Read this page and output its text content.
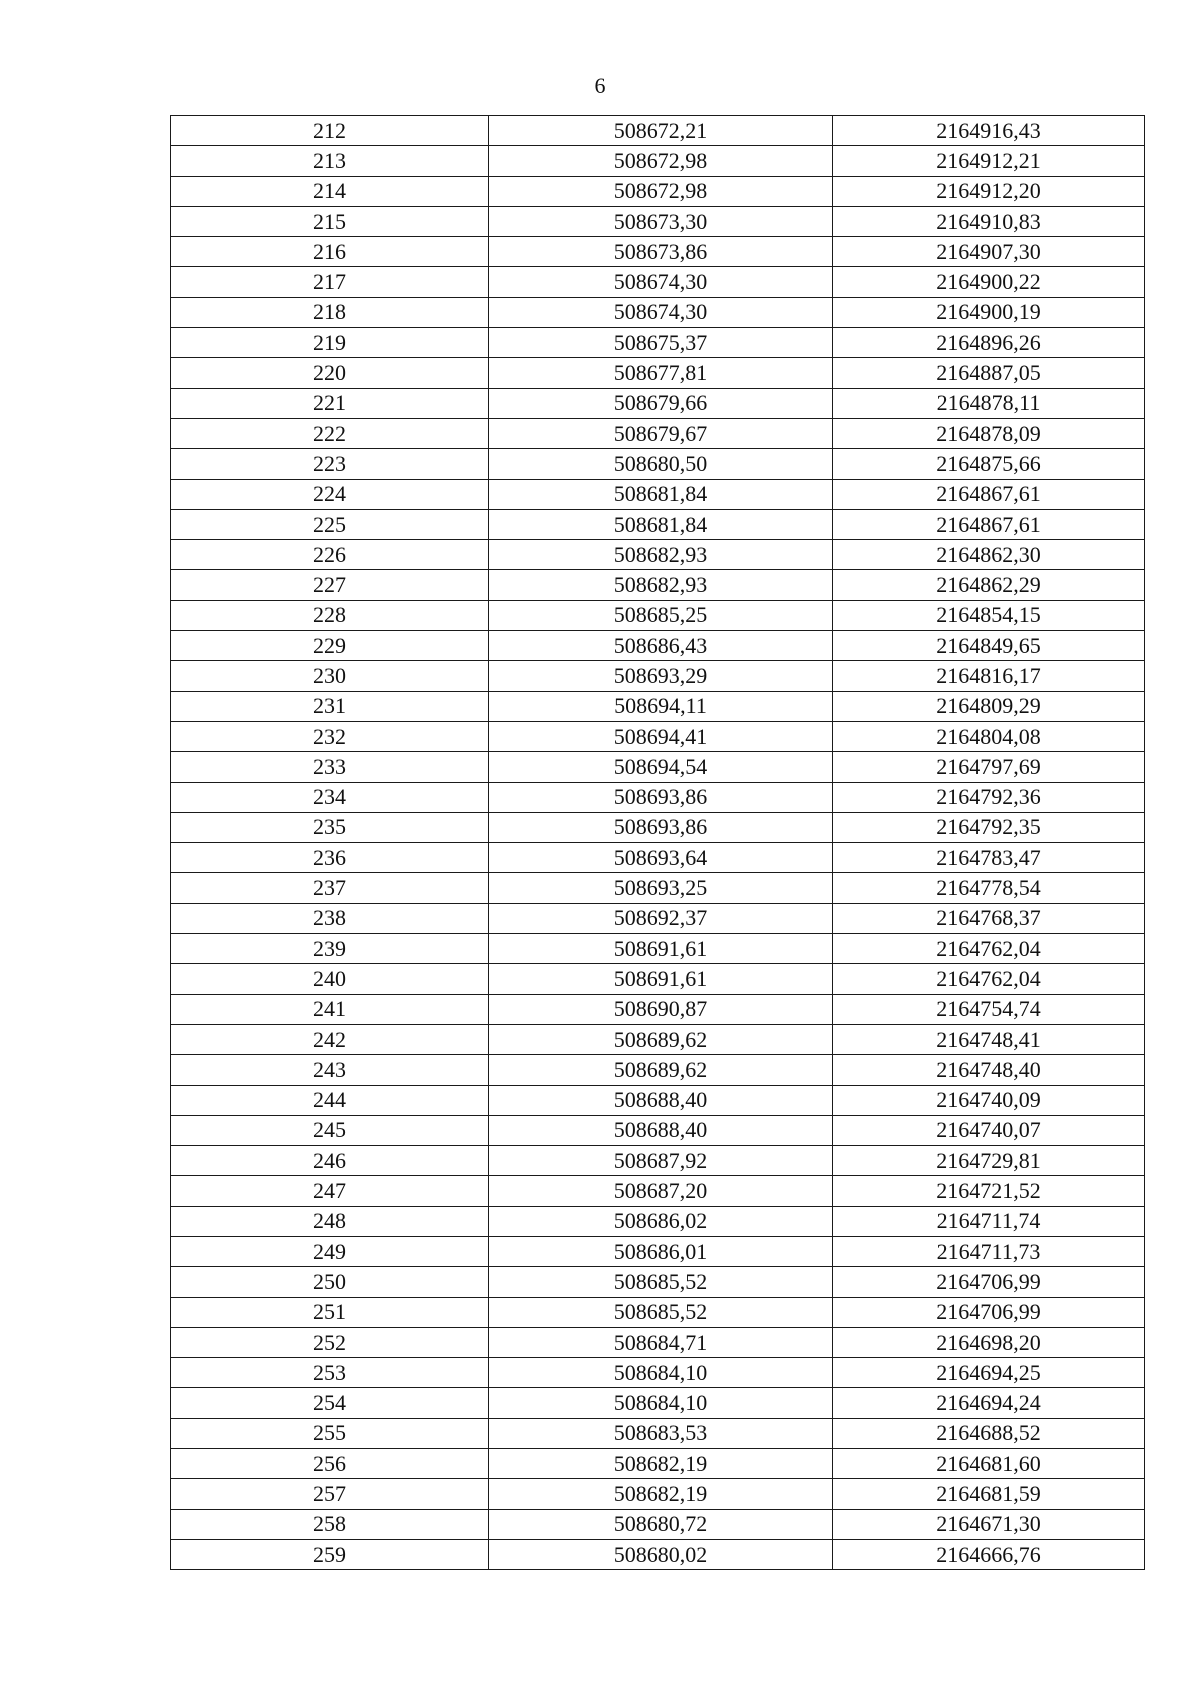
6
212	508672,21	2164916,43
213	508672,98	2164912,21
214	508672,98	2164912,20
215	508673,30	2164910,83
216	508673,86	2164907,30
217	508674,30	2164900,22
218	508674,30	2164900,19
219	508675,37	2164896,26
220	508677,81	2164887,05
221	508679,66	2164878,11
222	508679,67	2164878,09
223	508680,50	2164875,66
224	508681,84	2164867,61
225	508681,84	2164867,61
226	508682,93	2164862,30
227	508682,93	2164862,29
228	508685,25	2164854,15
229	508686,43	2164849,65
230	508693,29	2164816,17
231	508694,11	2164809,29
232	508694,41	2164804,08
233	508694,54	2164797,69
234	508693,86	2164792,36
235	508693,86	2164792,35
236	508693,64	2164783,47
237	508693,25	2164778,54
238	508692,37	2164768,37
239	508691,61	2164762,04
240	508691,61	2164762,04
241	508690,87	2164754,74
242	508689,62	2164748,41
243	508689,62	2164748,40
244	508688,40	2164740,09
245	508688,40	2164740,07
246	508687,92	2164729,81
247	508687,20	2164721,52
248	508686,02	2164711,74
249	508686,01	2164711,73
250	508685,52	2164706,99
251	508685,52	2164706,99
252	508684,71	2164698,20
253	508684,10	2164694,25
254	508684,10	2164694,24
255	508683,53	2164688,52
256	508682,19	2164681,60
257	508682,19	2164681,59
258	508680,72	2164671,30
259	508680,02	2164666,76
